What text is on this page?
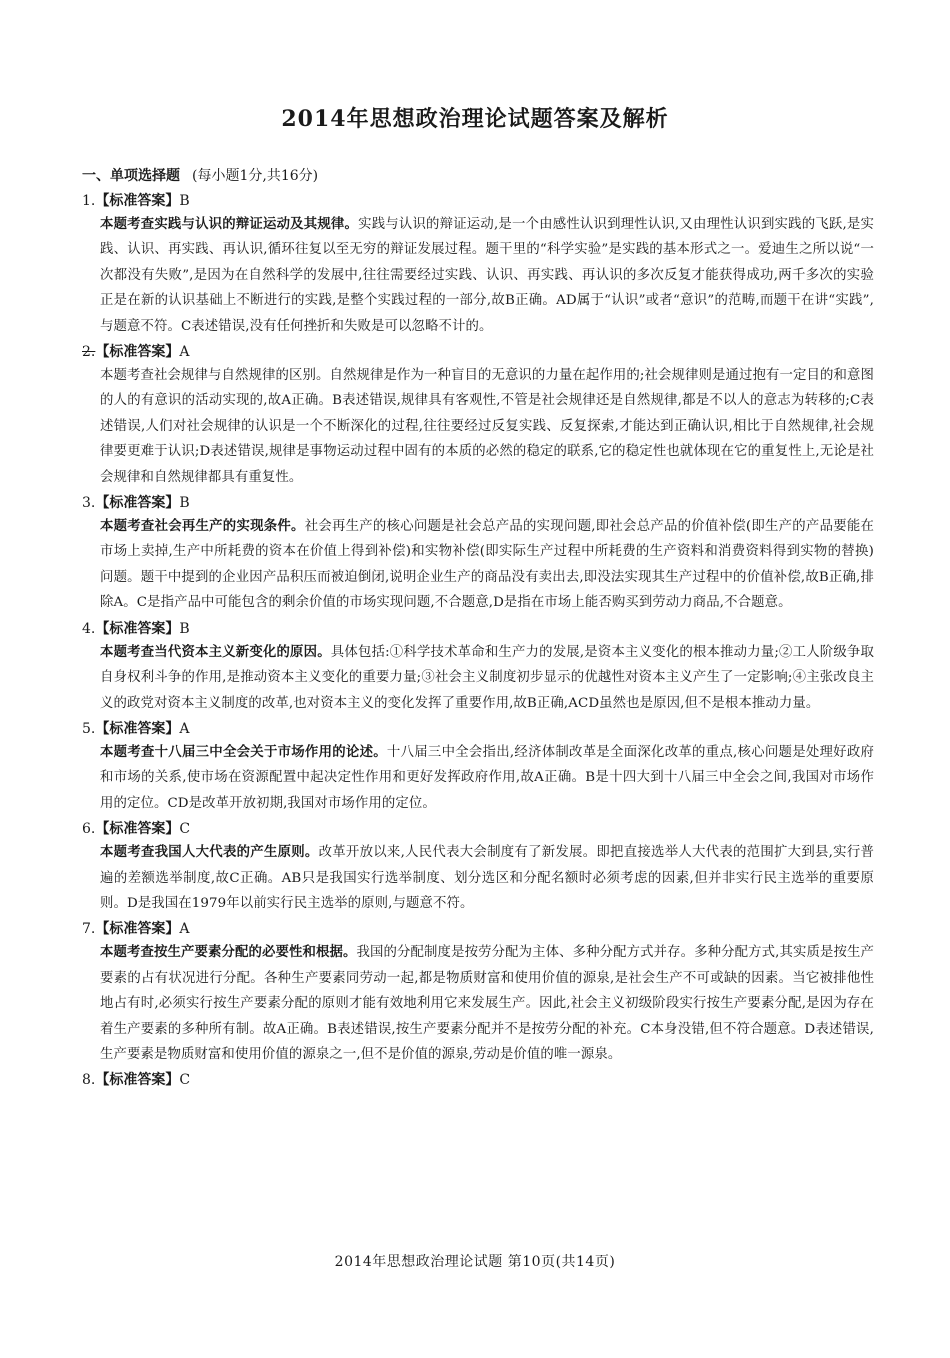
2014年思想政治理论试题答案及解析
一、单项选择题 (每小题1分,共16分)
1.【标准答案】B
本题考查实践与认识的辩证运动及其规律。实践与认识的辩证运动,是一个由感性认识到理性认识,又由理性认识到实践的飞跃,是实践、认识、再实践、再认识,循环往复以至无穷的辩证发展过程。题干里的“科学实验”是实践的基本形式之一。爱迪生之所以说“一次都没有失败”,是因为在自然科学的发展中,往往需要经过实践、认识、再实践、再认识的多次反复才能获得成功,两千多次的实验正是在新的认识基础上不断进行的实践,是整个实践过程的一部分,故B正确。AD属于“认识”或者“意识”的范畴,而题干在讲“实践”,与题意不符。C表述错误,没有任何挫折和失败是可以忽略不计的。
2.【标准答案】A
本题考查社会规律与自然规律的区别。自然规律是作为一种盲目的无意识的力量在起作用的;社会规律则是通过抱有一定目的和意图的人的有意识的活动实现的,故A正确。B表述错误,规律具有客观性,不管是社会规律还是自然规律,都是不以人的意志为转移的;C表述错误,人们对社会规律的认识是一个不断深化的过程,往往要经过反复实践、反复探索,才能达到正确认识,相比于自然规律,社会规律要更难于认识;D表述错误,规律是事物运动过程中固有的本质的必然的稳定的联系,它的稳定性也就体现在它的重复性上,无论是社会规律和自然规律都具有重复性。
3.【标准答案】B
本题考查社会再生产的实现条件。社会再生产的核心问题是社会总产品的实现问题,即社会总产品的价值补偿(即生产的产品要能在市场上卖掉,生产中所耗费的资本在价值上得到补偿)和实物补偿(即实际生产过程中所耗费的生产资料和消费资料得到实物的替换)问题。题干中提到的企业因产品积压而被迫倒闭,说明企业生产的商品没有卖出去,即没法实现其生产过程中的价值补偿,故B正确,排除A。C是指产品中可能包含的剩余价值的市场实现问题,不合题意,D是指在市场上能否购买到劳动力商品,不合题意。
4.【标准答案】B
本题考查当代资本主义新变化的原因。具体包括:①科学技术革命和生产力的发展,是资本主义变化的根本推动力量;②工人阶级争取自身权利斗争的作用,是推动资本主义变化的重要力量;③社会主义制度初步显示的优越性对资本主义产生了一定影响;④主张改良主义的政党对资本主义制度的改革,也对资本主义的变化发挥了重要作用,故B正确,ACD虽然也是原因,但不是根本推动力量。
5.【标准答案】A
本题考查十八届三中全会关于市场作用的论述。十八届三中全会指出,经济体制改革是全面深化改革的重点,核心问题是处理好政府和市场的关系,使市场在资源配置中起决定性作用和更好发挥政府作用,故A正确。B是十四大到十八届三中全会之间,我国对市场作用的定位。CD是改革开放初期,我国对市场作用的定位。
6.【标准答案】C
本题考查我国人大代表的产生原则。改革开放以来,人民代表大会制度有了新发展。即把直接选举人大代表的范围扩大到县,实行普遍的差额选举制度,故C正确。AB只是我国实行选举制度、划分选区和分配名额时必须考虑的因素,但并非实行民主选举的重要原则。D是我国在1979年以前实行民主选举的原则,与题意不符。
7.【标准答案】A
本题考查按生产要素分配的必要性和根据。我国的分配制度是按劳分配为主体、多种分配方式并存。多种分配方式,其实质是按生产要素的占有状况进行分配。各种生产要素同劳动一起,都是物质财富和使用价值的源泉,是社会生产不可或缺的因素。当它被排他性地占有时,必须实行按生产要素分配的原则才能有效地利用它来发展生产。因此,社会主义初级阶段实行按生产要素分配,是因为存在着生产要素的多种所有制。故A正确。B表述错误,按生产要素分配并不是按劳分配的补充。C本身没错,但不符合题意。D表述错误,生产要素是物质财富和使用价值的源泉之一,但不是价值的源泉,劳动是价值的唯一源泉。
8.【标准答案】C
2014年思想政治理论试题 第10页(共14页)
